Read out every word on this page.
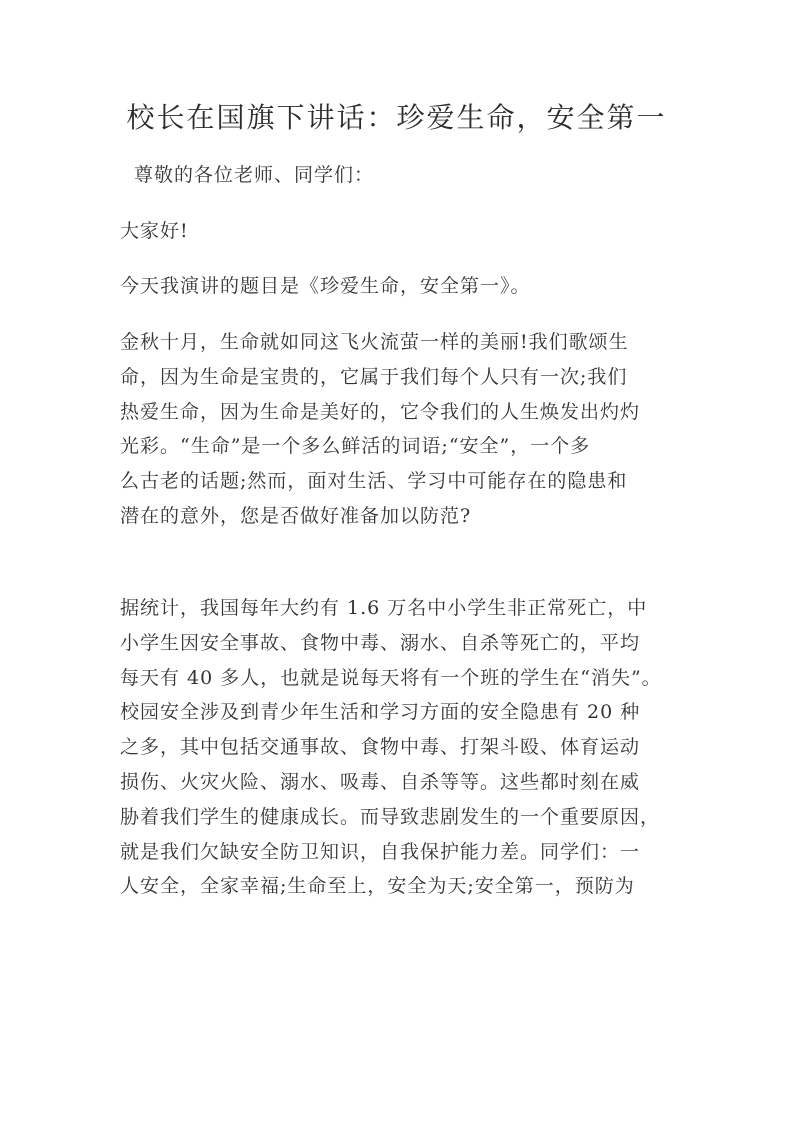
校长在国旗下讲话：珍爱生命，安全第一

尊敬的各位老师、同学们：

大家好!

今天我演讲的题目是《珍爱生命，安全第一》。

金秋十月，生命就如同这飞火流萤一样的美丽!我们歌颂生
命，因为生命是宝贵的，它属于我们每个人只有一次;我们
热爱生命，因为生命是美好的，它令我们的人生焕发出灼灼
光彩。“生命”是一个多么鲜活的词语;“安全”，一个多
么古老的话题;然而，面对生活、学习中可能存在的隐患和
潜在的意外，您是否做好准备加以防范?

据统计，我国每年大约有 1.6 万名中小学生非正常死亡，中
小学生因安全事故、食物中毒、溺水、自杀等死亡的，平均
每天有 40 多人，也就是说每天将有一个班的学生在“消失”。
校园安全涉及到青少年生活和学习方面的安全隐患有 20 种
之多，其中包括交通事故、食物中毒、打架斗殴、体育运动
损伤、火灾火险、溺水、吸毒、自杀等等。这些都时刻在威
胁着我们学生的健康成长。而导致悲剧发生的一个重要原因，
就是我们欠缺安全防卫知识，自我保护能力差。同学们：一
人安全，全家幸福;生命至上，安全为天;安全第一，预防为
